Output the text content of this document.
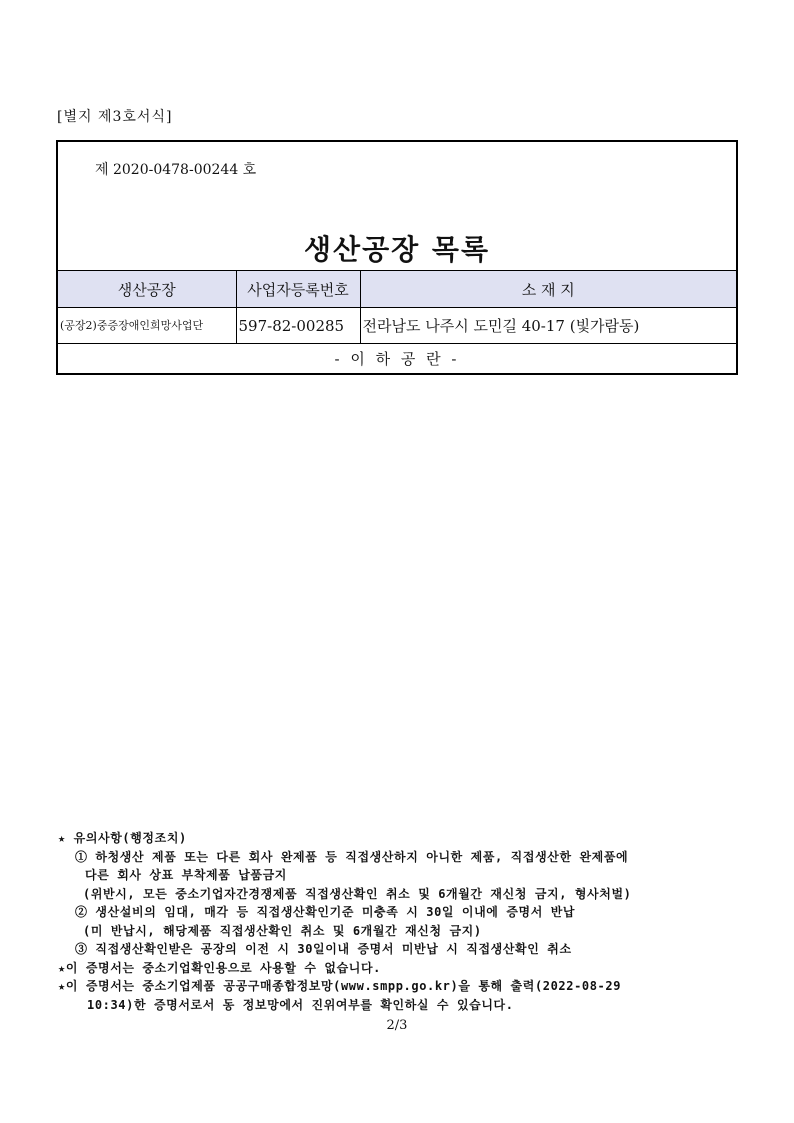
[별지 제3호서식]
제 2020-0478-00244 호
생산공장 목록
생산공장	사업자등록번호	소 재 지
(공장2)중증장애인희망사업단	597-82-00285	전라남도 나주시 도민길 40-17 (빛가람동)
- 이 하 공 란 -		
★ 유의사항(행정조치)
① 하청생산 제품 또는 다른 회사 완제품 등 직접생산하지 아니한 제품, 직접생산한 완제품에
다른 회사 상표 부착제품 납품금지
(위반시, 모든 중소기업자간경쟁제품 직접생산확인 취소 및 6개월간 재신청 금지, 형사처벌)
② 생산설비의 임대, 매각 등 직접생산확인기준 미충족 시 30일 이내에 증명서 반납
(미 반납시, 해당제품 직접생산확인 취소 및 6개월간 재신청 금지)
③ 직접생산확인받은 공장의 이전 시 30일이내 증명서 미반납 시 직접생산확인 취소
★이 증명서는 중소기업확인용으로 사용할 수 없습니다.
★이 증명서는 중소기업제품 공공구매종합정보망(www.smpp.go.kr)을 통해 출력(2022-08-29
10:34)한 증명서로서 동 정보망에서 진위여부를 확인하실 수 있습니다.
2/3
